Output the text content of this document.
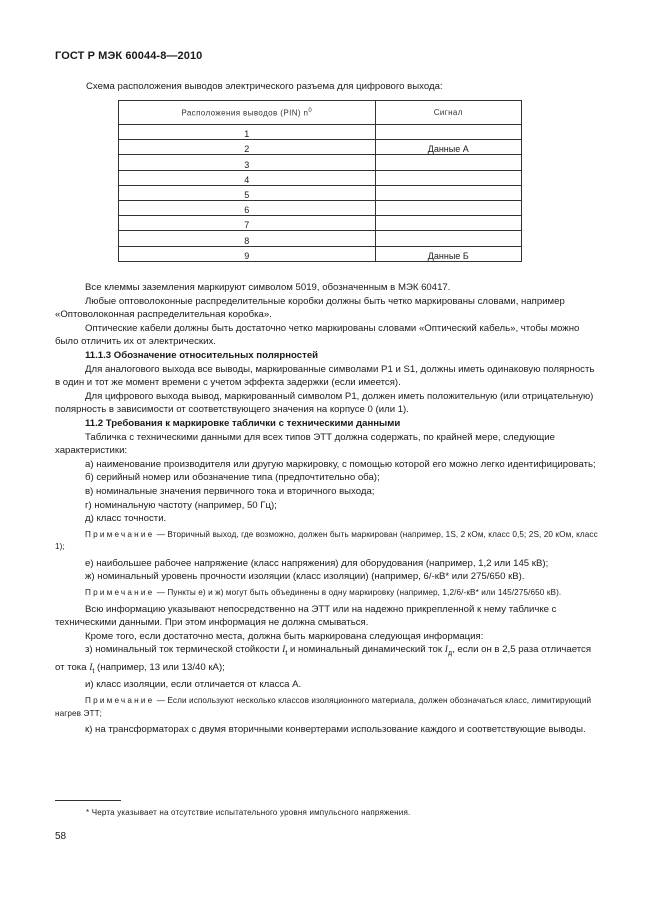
ГОСТ Р МЭК 60044-8—2010
Схема расположения выводов электрического разъема для цифрового выхода:
Расположения выводов (PIN) $n^0$	Сигнал
1	
2	Данные А
3	
4	
5	
6	
7	
8	
9	Данные Б

Все клеммы заземления маркируют символом 5019, обозначенным в МЭК 60417.

Любые оптоволоконные распределительные коробки должны быть четко маркированы словами, например «Оптоволоконная распределительная коробка».

Оптические кабели должны быть достаточно четко маркированы словами «Оптический кабель», чтобы можно было отличить их от электрических.

11.1.3 Обозначение относительных полярностей

Для аналогового выхода все выводы, маркированные символами Р1 и S1, должны иметь одинаковую полярность в один и тот же момент времени с учетом эффекта задержки (если имеется).

Для цифрового выхода вывод, маркированный символом Р1, должен иметь положительную (или отрицательную) полярность в зависимости от соответствующего значения на корпусе 0 (или 1).

11.2 Требования к маркировке таблички с техническими данными

Табличка с техническими данными для всех типов ЭТТ должна содержать, по крайней мере, следующие характеристики:

а) наименование производителя или другую маркировку, с помощью которой его можно легко идентифицировать;

б) серийный номер или обозначение типа (предпочтительно оба);

в) номинальные значения первичного тока и вторичного выхода;

г) номинальную частоту (например, 50 Гц);

д) класс точности.

Примечание — Вторичный выход, где возможно, должен быть маркирован (например, 1S, 2 кОм, класс 0,5; 2S, 20 кОм, класс 1);

е) наибольшее рабочее напряжение (класс напряжения) для оборудования (например, 1,2 или 145 кВ);

ж) номинальный уровень прочности изоляции (класс изоляции) (например, 6/-кВ* или 275/650 кВ).

Примечание — Пункты е) и ж) могут быть объединены в одну маркировку (например, 1,2/6/-кВ* или 145/275/650 кВ).

Всю информацию указывают непосредственно на ЭТТ или на надежно прикрепленной к нему табличке с техническими данными. При этом информация не должна смываться.

Кроме того, если достаточно места, должна быть маркирована следующая информация:

з) номинальный ток термической стойкости $I_t$ и номинальный динамический ток $I_д$, если он в 2,5 раза отличается от тока $I_t$ (например, 13 или 13/40 кА);

и) класс изоляции, если отличается от класса А.

Примечание — Если используют несколько классов изоляционного материала, должен обозначаться класс, лимитирующий нагрев ЭТТ;

к) на трансформаторах с двумя вторичными конвертерами использование каждого и соответствующие выводы.

* Черта указывает на отсутствие испытательного уровня импульсного напряжения.
58
